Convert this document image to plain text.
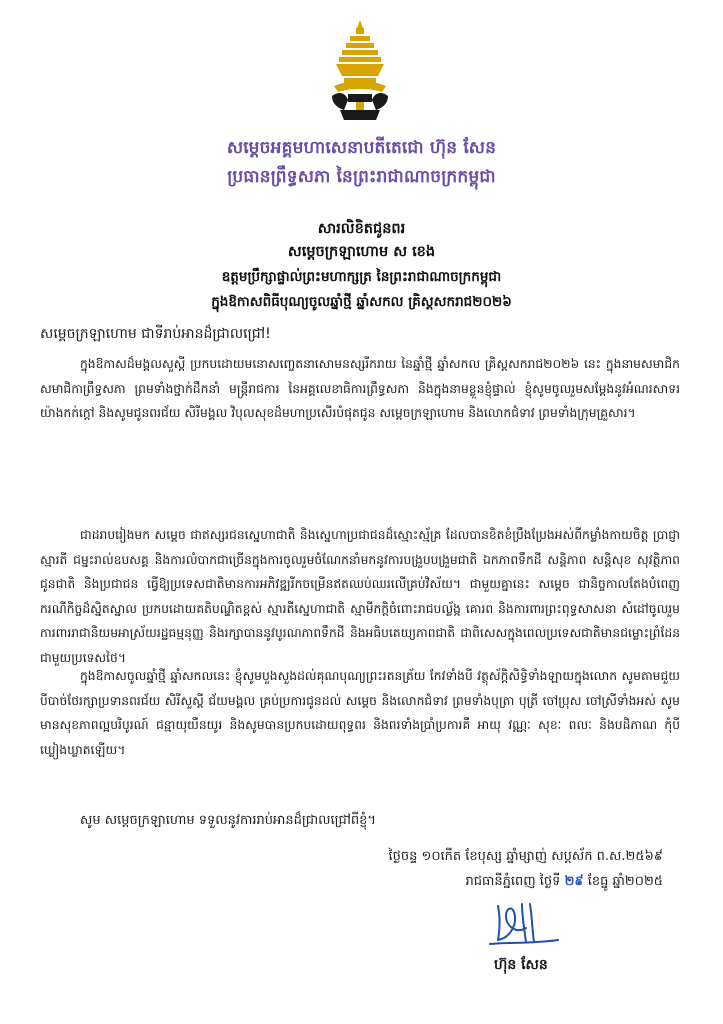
សម្តេចអគ្គមហាសេនាបតីតេជោ ហ៊ុន សែន
ប្រធានព្រឹទ្ធសភា នៃព្រះរាជាណាចក្រកម្ពុជា
សារលិខិតជូនពរ
សម្តេចក្រឡាហោម ស ខេង
ឧត្តមប្រឹក្សាផ្ទាល់ព្រះមហាក្សត្រ នៃព្រះរាជាណាចក្រកម្ពុជា
ក្នុងឱកាសពិធីបុណ្យចូលឆ្នាំថ្មី ឆ្នាំសកល គ្រិស្តសករាជ២០២៦
សម្តេចក្រឡាហោម ជាទីរាប់អានដ៏ជ្រាលជ្រៅ!
ក្នុងឱកាសដ៏មង្គលសួស្តី ប្រកបដោយមនោសញ្ចេតនាសោមនស្សរីករាយ នៃឆ្នាំថ្មី ឆ្នាំសកល គ្រិស្តសករាជ២០២៦ នេះ ក្នុងនាមសមាជិក សមាជិកាព្រឹទ្ធសភា ព្រមទាំងថ្នាក់ដឹកនាំ មន្ត្រីរាជការ នៃអគ្គលេខាធិការព្រឹទ្ធសភា និងក្នុងនាមខ្លួនខ្ញុំផ្ទាល់ ខ្ញុំសូមចូលរួមសម្តែងនូវអំណរសាទរយ៉ាងកក់ក្តៅ និងសូមជូនពរជ័យ សិរីមង្គល វិបុលសុខដ៏មហាប្រសើរបំផុតជូន សម្តេចក្រឡាហោម និងលោកជំទាវ ព្រមទាំងក្រុមគ្រួសារ។
ជាដរាបរៀងមក សម្តេច ជាឥស្សរជនស្នេហាជាតិ និងស្នេហាប្រជាជនដ៏ស្មោះស្ម័គ្រ ដែលបានខិតខំប្រឹងប្រែងអស់ពីកម្លាំងកាយចិត្ត ប្រាជ្ញា ស្មារតី ជម្នះរាល់ឧបសគ្គ និងការលំបាកជាច្រើនក្នុងការចូលរួមចំណែកនាំមកនូវការបង្រួបបង្រួមជាតិ ឯកភាពទឹកដី សន្តិភាព សន្តិសុខ សុវត្ថិភាព ជូនជាតិ និងប្រជាជន ធ្វើឱ្យប្រទេសជាតិមានការអភិវឌ្ឍរីកចម្រើនឥតឈប់ឈរលើគ្រប់វិស័យ។ ជាមួយគ្នានេះ សម្តេច ជានិច្ចកាលតែងបំពេញករណីកិច្ចដ៏ស្និតស្នាល ប្រកបដោយគតិបណ្ឌិតខ្ពស់ ស្មារតីស្នេហាជាតិ ស្មាមីភក្តិចំពោះរាជបល្ល័ង្ក គោរព និងការពារព្រះពុទ្ធសាសនា សំដៅចូលរួមការពាររាជានិយមអាស្រ័យរដ្ឋធម្មនុញ្ញ និងរក្សាបាននូវបូរណភាពទឹកដី និងអធិបតេយ្យភាពជាតិ ជាពិសេសក្នុងពេលប្រទេសជាតិមានជម្លោះព្រំដែនជាមួយប្រទេសថៃ។
ក្នុងឱកាសចូលឆ្នាំថ្មី ឆ្នាំសកលនេះ ខ្ញុំសូមបួងសួងដល់គុណបុណ្យព្រះរតនត្រ័យ កែវទាំងបី វត្ថុស័ក្តិសិទ្ធិទាំងឡាយក្នុងលោក សូមតាមជួយបីបាច់ថែរក្សាប្រទានពរជ័យ សិរីសួស្តី ជ័យមង្គល គ្រប់ប្រការជូនដល់ សម្តេច និងលោកជំទាវ ព្រមទាំងបុត្រា បុត្រី ចៅប្រុស ចៅស្រីទាំងអស់ សូមមានសុខភាពល្អបរិបូរណ៍ ជន្មាយុយឺនយូរ និងសូមបានប្រកបដោយពុទ្ធពរ និងពរទាំងប្រាំប្រការគឺ អាយុ វណ្ណៈ សុខៈ ពលៈ និងបដិភាណ កុំបីឃ្លៀងឃ្លាតឡើយ។
សូម សម្តេចក្រឡាហោម ទទួលនូវការរាប់អានដ៏ជ្រាលជ្រៅពីខ្ញុំ។
ថ្ងៃចន្ទ ១០កើត ខែបុស្ស ឆ្នាំម្សាញ់ សប្តស័ក ព.ស.២៥៦៩
រាជធានីភ្នំពេញ ថ្ងៃទី ២៩ ខែធ្នូ ឆ្នាំ២០២៥
ហ៊ុន សែន
